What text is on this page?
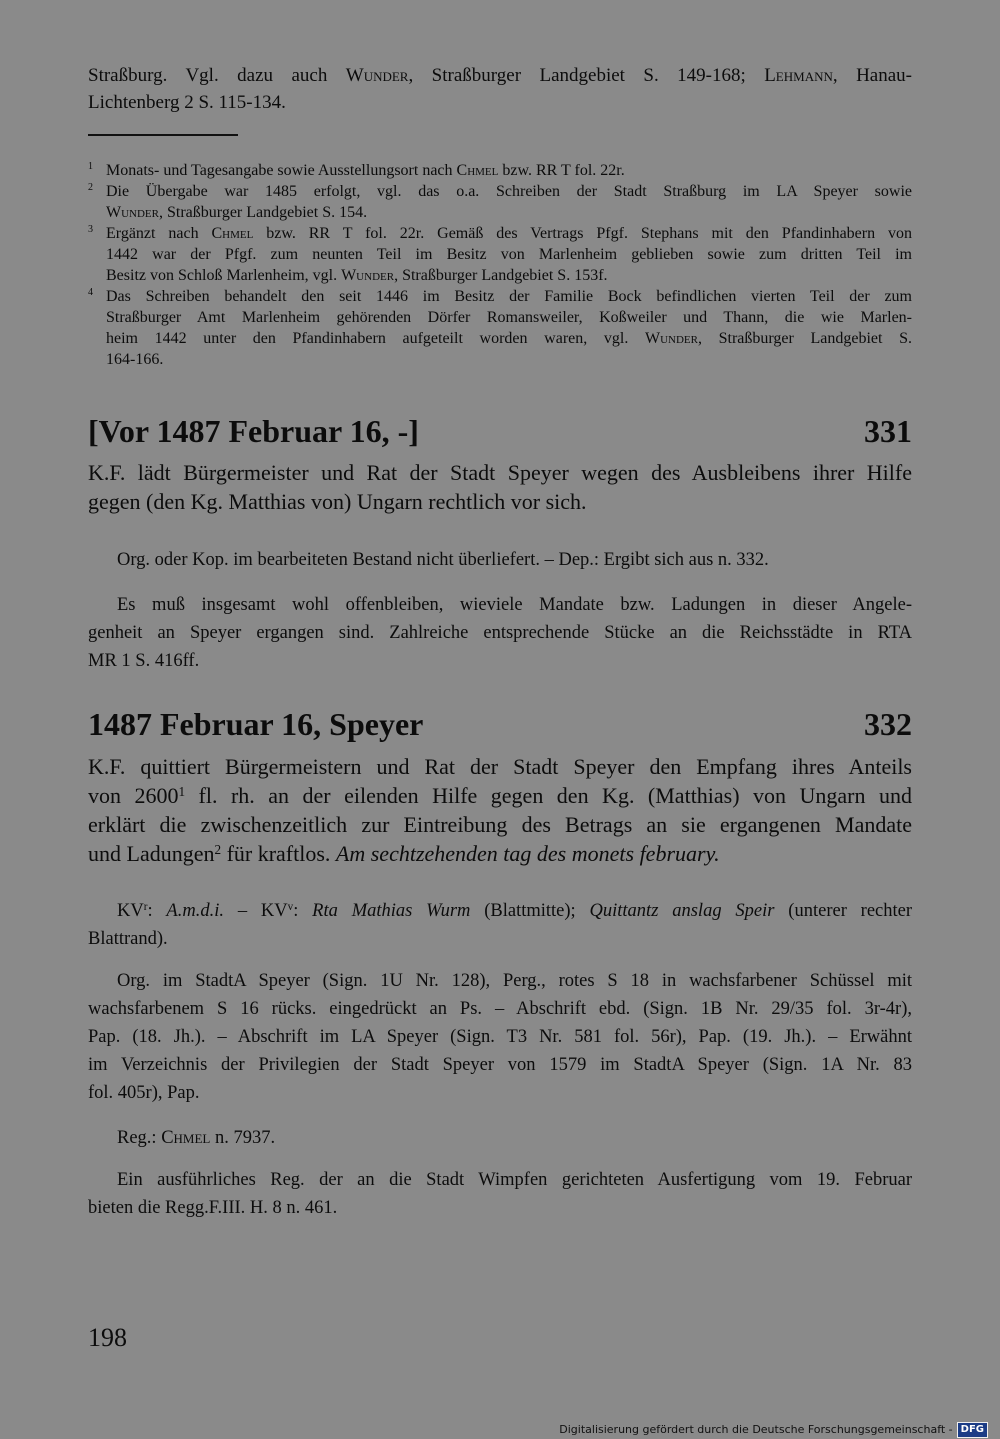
Straßburg. Vgl. dazu auch Wunder, Straßburger Landgebiet S. 149-168; Lehmann, Hanau-
Lichtenberg 2 S. 115-134.
1 Monats- und Tagesangabe sowie Ausstellungsort nach Chmel bzw. RR T fol. 22r.
2 Die Übergabe war 1485 erfolgt, vgl. das o.a. Schreiben der Stadt Straßburg im LA Speyer sowie
Wunder, Straßburger Landgebiet S. 154.
3 Ergänzt nach Chmel bzw. RR T fol. 22r. Gemäß des Vertrags Pfgf. Stephans mit den Pfandinhabern von
1442 war der Pfgf. zum neunten Teil im Besitz von Marlenheim geblieben sowie zum dritten Teil im
Besitz von Schloß Marlenheim, vgl. Wunder, Straßburger Landgebiet S. 153f.
4 Das Schreiben behandelt den seit 1446 im Besitz der Familie Bock befindlichen vierten Teil der zum
Straßburger Amt Marlenheim gehörenden Dörfer Romansweiler, Koßweiler und Thann, die wie Marlen-
heim 1442 unter den Pfandinhabern aufgeteilt worden waren, vgl. Wunder, Straßburger Landgebiet S.
164-166.
[Vor 1487 Februar 16, -]	331
K.F. lädt Bürgermeister und Rat der Stadt Speyer wegen des Ausbleibens ihrer Hilfe
gegen (den Kg. Matthias von) Ungarn rechtlich vor sich.
Org. oder Kop. im bearbeiteten Bestand nicht überliefert. – Dep.: Ergibt sich aus n. 332.
Es muß insgesamt wohl offenbleiben, wieviele Mandate bzw. Ladungen in dieser Angele-
genheit an Speyer ergangen sind. Zahlreiche entsprechende Stücke an die Reichsstädte in RTA
MR 1 S. 416ff.
1487 Februar 16, Speyer	332
K.F. quittiert Bürgermeistern und Rat der Stadt Speyer den Empfang ihres Anteils
von 2600$^1$ fl. rh. an der eilenden Hilfe gegen den Kg. (Matthias) von Ungarn und
erklärt die zwischenzeitlich zur Eintreibung des Betrags an sie ergangenen Mandate
und Ladungen$^2$ für kraftlos. Am sechtzehenden tag des monets february.
$KV^r$: A.m.d.i. – $KV^v$: Rta Mathias Wurm (Blattmitte); Quittantz anslag Speir (unterer rechter
Blattrand).
Org. im StadtA Speyer (Sign. 1U Nr. 128), Perg., rotes S 18 in wachsfarbener Schüssel mit
wachsfarbenem S 16 rücks. eingedrückt an Ps. – Abschrift ebd. (Sign. 1B Nr. 29/35 fol. 3r-4r),
Pap. (18. Jh.). – Abschrift im LA Speyer (Sign. T3 Nr. 581 fol. 56r), Pap. (19. Jh.). – Erwähnt
im Verzeichnis der Privilegien der Stadt Speyer von 1579 im StadtA Speyer (Sign. 1A Nr. 83
fol. 405r), Pap.
Reg.: Chmel n. 7937.
Ein ausführliches Reg. der an die Stadt Wimpfen gerichteten Ausfertigung vom 19. Februar
bieten die Regg.F.III. H. 8 n. 461.
198
Digitalisierung gefördert durch die Deutsche Forschungsgemeinschaft - DFG
